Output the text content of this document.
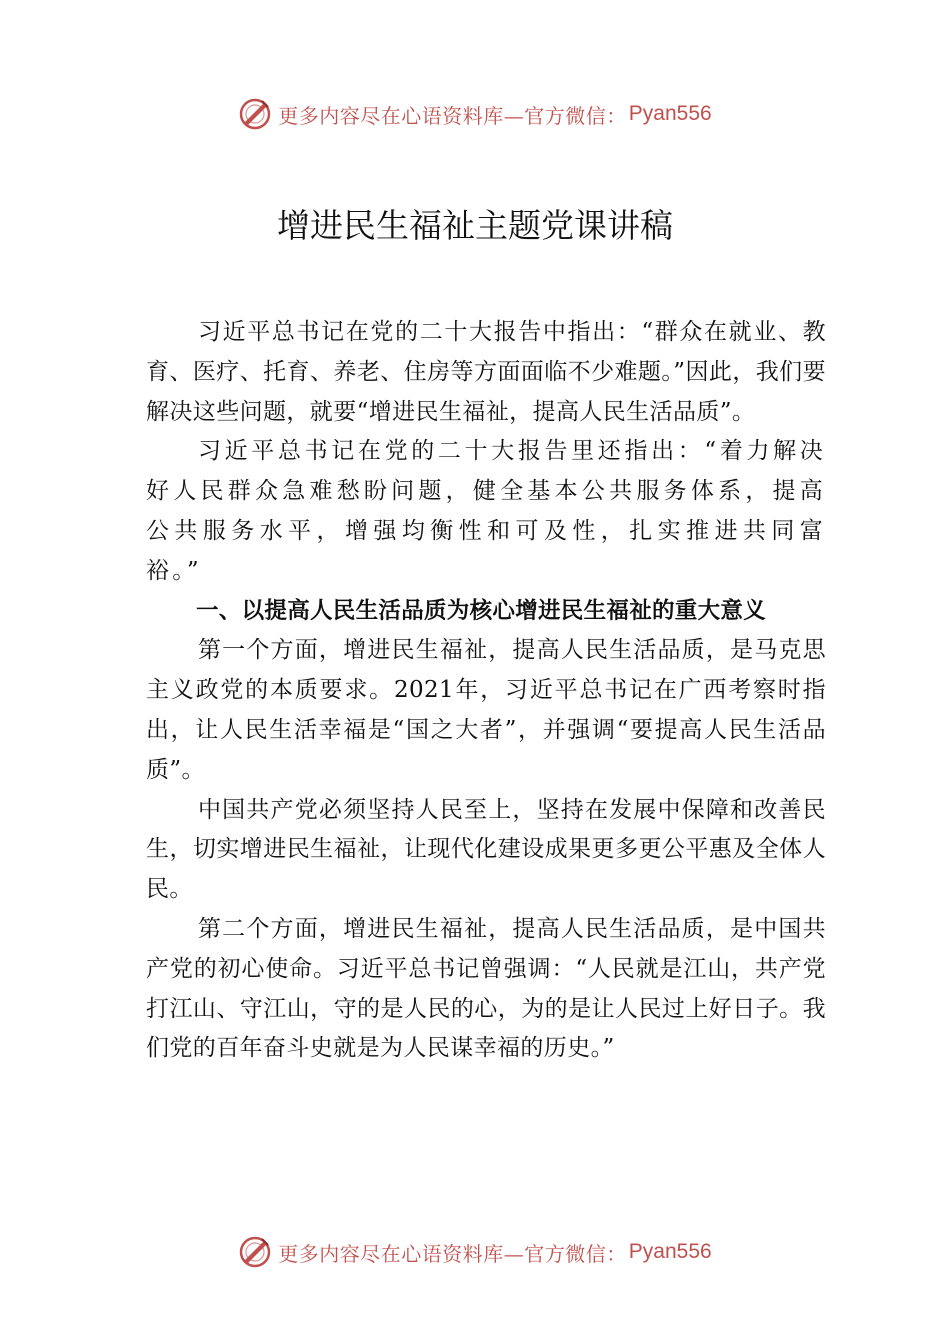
更多内容尽在心语资料库—官方微信： Pyan556
增进民生福祉主题党课讲稿

习近平总书记在党的二十大报告中指出：“群众在就业、教育、医疗、托育、养老、住房等方面面临不少难题。”因此，我们要解决这些问题，就要“增进民生福祉，提高人民生活品质”。

习近平总书记在党的二十大报告里还指出：“着力解决好人民群众急难愁盼问题，健全基本公共服务体系，提高公共服务水平，增强均衡性和可及性，扎实推进共同富裕。”

一、以提高人民生活品质为核心增进民生福祉的重大意义

第一个方面，增进民生福祉，提高人民生活品质，是马克思主义政党的本质要求。2021年，习近平总书记在广西考察时指出，让人民生活幸福是“国之大者”，并强调“要提高人民生活品质”。

中国共产党必须坚持人民至上，坚持在发展中保障和改善民生，切实增进民生福祉，让现代化建设成果更多更公平惠及全体人民。

第二个方面，增进民生福祉，提高人民生活品质，是中国共产党的初心使命。习近平总书记曾强调：“人民就是江山，共产党打江山、守江山，守的是人民的心，为的是让人民过上好日子。我们党的百年奋斗史就是为人民谋幸福的历史。”

更多内容尽在心语资料库—官方微信： Pyan556
